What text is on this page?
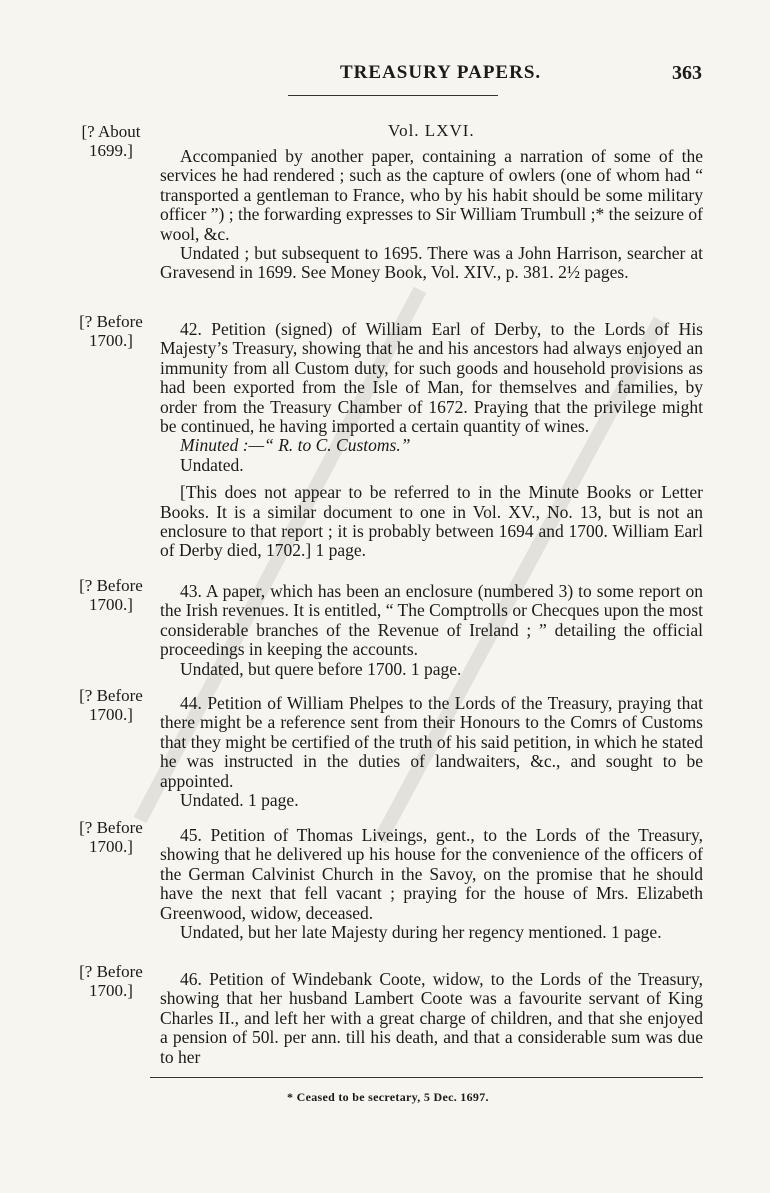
TREASURY PAPERS.	363
Vol. LXVI.
[? About
1699.]	Accompanied by another paper, containing a narration of some of the services he had rendered ; such as the capture of owlers (one of whom had “ transported a gentleman to France, who by his habit should be some military officer ”) ; the forwarding expresses to Sir William Trumbull ;* the seizure of wool, &c.

Undated ; but subsequent to 1695. There was a John Harrison, searcher at Gravesend in 1699. See Money Book, Vol. XIV., p. 381. 2½ pages.

[? Before
1700.]

42. Petition (signed) of William Earl of Derby, to the Lords of His Majesty’s Treasury, showing that he and his ancestors had always enjoyed an immunity from all Custom duty, for such goods and household provisions as had been exported from the Isle of Man, for themselves and families, by order from the Treasury Chamber of 1672. Praying that the privilege might be continued, he having imported a certain quantity of wines.

Minuted :—“ R. to C. Customs.”

Undated.

[This does not appear to be referred to in the Minute Books or Letter Books. It is a similar document to one in Vol. XV., No. 13, but is not an enclosure to that report ; it is probably between 1694 and 1700. William Earl of Derby died, 1702.] 1 page.

[? Before
1700.]

43. A paper, which has been an enclosure (numbered 3) to some report on the Irish revenues. It is entitled, “ The Comptrolls or Checques upon the most considerable branches of the Revenue of Ireland ; ” detailing the official proceedings in keeping the accounts.

Undated, but quere before 1700. 1 page.

[? Before
1700.]

44. Petition of William Phelpes to the Lords of the Treasury, praying that there might be a reference sent from their Honours to the Comrs of Customs that they might be certified of the truth of his said petition, in which he stated he was instructed in the duties of landwaiters, &c., and sought to be appointed.

Undated. 1 page.

[? Before
1700.]

45. Petition of Thomas Liveings, gent., to the Lords of the Treasury, showing that he delivered up his house for the convenience of the officers of the German Calvinist Church in the Savoy, on the promise that he should have the next that fell vacant ; praying for the house of Mrs. Elizabeth Greenwood, widow, deceased.

Undated, but her late Majesty during her regency mentioned. 1 page.

[? Before
1700.]

46. Petition of Windebank Coote, widow, to the Lords of the Treasury, showing that her husband Lambert Coote was a favourite servant of King Charles II., and left her with a great charge of children, and that she enjoyed a pension of 50l. per ann. till his death, and that a considerable sum was due to her

* Ceased to be secretary, 5 Dec. 1697.
